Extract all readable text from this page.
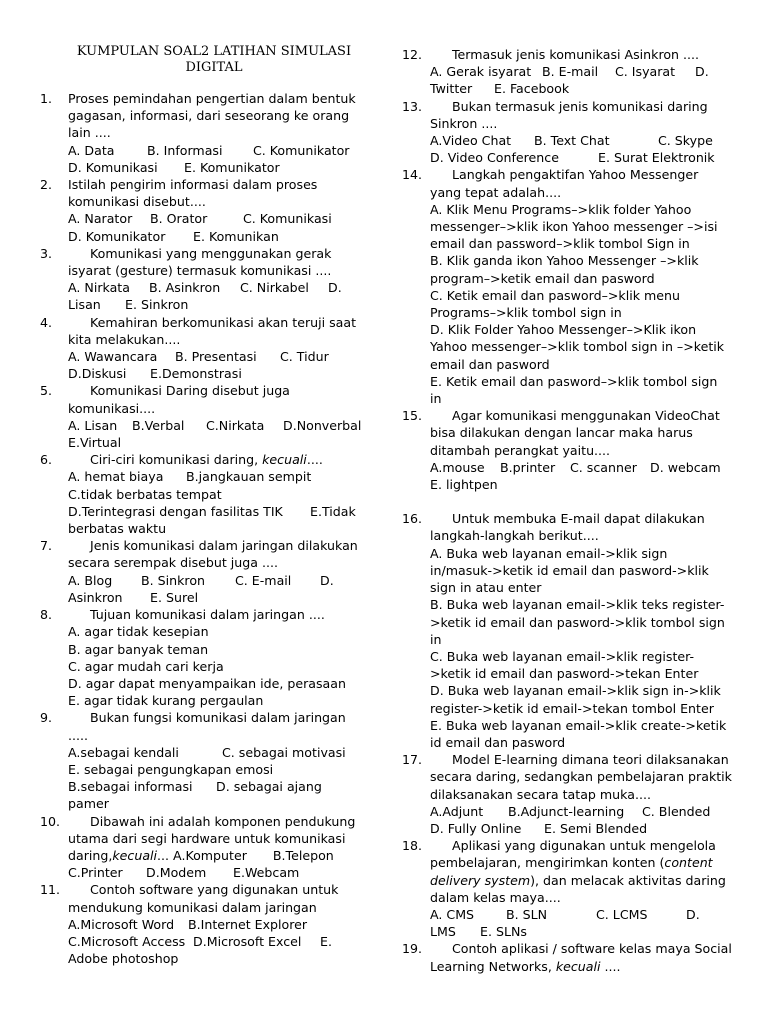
KUMPULAN SOAL2 LATIHAN SIMULASI
DIGITAL
1. Proses pemindahan pengertian dalam bentuk
gagasan, informasi, dari seseorang ke orang
lain ....
A. Data	B. Informasi	C. Komunikator
D. Komunikasi	E. Komunikator
2. Istilah pengirim informasi dalam proses
komunikasi disebut....
A. Narator	B. Orator	C. Komunikasi
D. Komunikator	E. Komunikan
3.	Komunikasi yang menggunakan gerak
isyarat (gesture) termasuk komunikasi ....
A. Nirkata	B. Asinkron	C. Nirkabel	D.
Lisan	E. Sinkron
4.	Kemahiran berkomunikasi akan teruji saat
kita melakukan....
A. Wawancara	B. Presentasi	C. Tidur
D.Diskusi	E.Demonstrasi
5.	Komunikasi Daring disebut juga
komunikasi....
A. Lisan	B.Verbal	C.Nirkata	D.Nonverbal
E.Virtual
6.	Ciri-ciri komunikasi daring, kecuali....
A. hemat biaya	B.jangkauan sempit
C.tidak berbatas tempat
D.Terintegrasi dengan fasilitas TIK	E.Tidak
berbatas waktu
7.	Jenis komunikasi dalam jaringan dilakukan
secara serempak disebut juga ....
A. Blog	B. Sinkron	C. E-mail	D.
Asinkron	E. Surel
8.	Tujuan komunikasi dalam jaringan ....
A. agar tidak kesepian
B. agar banyak teman
C. agar mudah cari kerja
D. agar dapat menyampaikan ide, perasaan
E. agar tidak kurang pergaulan
9.	Bukan fungsi komunikasi dalam jaringan
.....
A.sebagai kendali	C. sebagai motivasi
E. sebagai pengungkapan emosi
B.sebagai informasi	D. sebagai ajang
pamer
10. Dibawah ini adalah komponen pendukung
utama dari segi hardware untuk komunikasi
daring,kecuali... A.Komputer B.Telepon
C.Printer	D.Modem	E.Webcam
11. Contoh software yang digunakan untuk
mendukung komunikasi dalam jaringan
A.Microsoft Word	B.Internet Explorer
C.Microsoft Access D.Microsoft Excel	E.
Adobe photoshop
12. Termasuk jenis komunikasi Asinkron ....
A. Gerak isyarat B. E-mail	C. Isyarat	D.
Twitter	E. Facebook
13. Bukan termasuk jenis komunikasi daring
Sinkron ....
A.Video Chat	B. Text Chat	C. Skype
D. Video Conference	E. Surat Elektronik
14. Langkah pengaktifan Yahoo Messenger
yang tepat adalah....
A. Klik Menu Programs–>klik folder Yahoo
messenger–>klik ikon Yahoo messenger –>isi
email dan password–>klik tombol Sign in
B. Klik ganda ikon Yahoo Messenger –>klik
program–>ketik email dan pasword
C. Ketik email dan pasword–>klik menu
Programs–>klik tombol sign in
D. Klik Folder Yahoo Messenger–>Klik ikon
Yahoo messenger–>klik tombol sign in –>ketik
email dan pasword
E. Ketik email dan pasword–>klik tombol sign
in
15. Agar komunikasi menggunakan VideoChat
bisa dilakukan dengan lancar maka harus
ditambah perangkat yaitu....
A.mouse	B.printer	C. scanner	D. webcam
E. lightpen
16. Untuk membuka E-mail dapat dilakukan
langkah-langkah berikut....
A. Buka web layanan email->klik sign
in/masuk->ketik id email dan pasword->klik
sign in atau enter
B. Buka web layanan email->klik teks register-
>ketik id email dan pasword->klik tombol sign
in
C. Buka web layanan email->klik register-
>ketik id email dan pasword->tekan Enter
D. Buka web layanan email->klik sign in->klik
register->ketik id email->tekan tombol Enter
E. Buka web layanan email->klik create->ketik
id email dan pasword
17. Model E-learning dimana teori dilaksanakan
secara daring, sedangkan pembelajaran praktik
dilaksanakan secara tatap muka....
A.Adjunt	B.Adjunct-learning	C. Blended
D. Fully Online	E. Semi Blended
18. Aplikasi yang digunakan untuk mengelola
pembelajaran, mengirimkan konten (content
delivery system), dan melacak aktivitas daring
dalam kelas maya....
A. CMS	B. SLN	C. LCMS	D.
LMS	E. SLNs
19. Contoh aplikasi / software kelas maya Social
Learning Networks, kecuali ....
